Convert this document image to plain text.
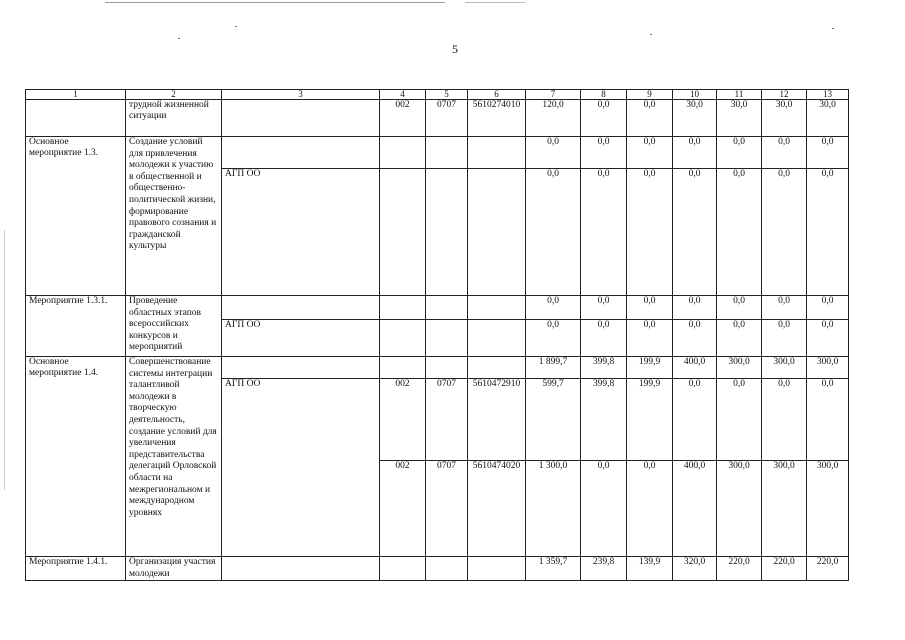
5
1	2	3	4	5	6	7	8	9	10	11	12	13
	трудной жизненной ситуации		002	0707	5610274010	120,0	0,0	0,0	30,0	30,0	30,0	30,0
Основное мероприятие 1.3.	Создание условий для привлечения молодежи к участию в общественной и общественно-политической жизни, формирование правового сознания и гражданской культуры					0,0	0,0	0,0	0,0	0,0	0,0	0,0
		АГП ОО				0,0	0,0	0,0	0,0	0,0	0,0	0,0
Мероприятие 1.3.1.	Проведение областных этапов всероссийских конкурсов и мероприятий					0,0	0,0	0,0	0,0	0,0	0,0	0,0
		АГП ОО				0,0	0,0	0,0	0,0	0,0	0,0	0,0
Основное мероприятие 1.4.	Совершенствование системы интеграции талантливой молодежи в творческую деятельность, создание условий для увеличения представительства делегаций Орловской области на межрегиональном и международном уровнях					1 899,7	399,8	199,9	400,0	300,0	300,0	300,0
		АГП ОО	002	0707	5610472910	599,7	399,8	199,9	0,0	0,0	0,0	0,0
			002	0707	5610474020	1 300,0	0,0	0,0	400,0	300,0	300,0	300,0
Мероприятие 1.4.1.	Организация участия молодежи					1 359,7	239,8	139,9	320,0	220,0	220,0	220,0
